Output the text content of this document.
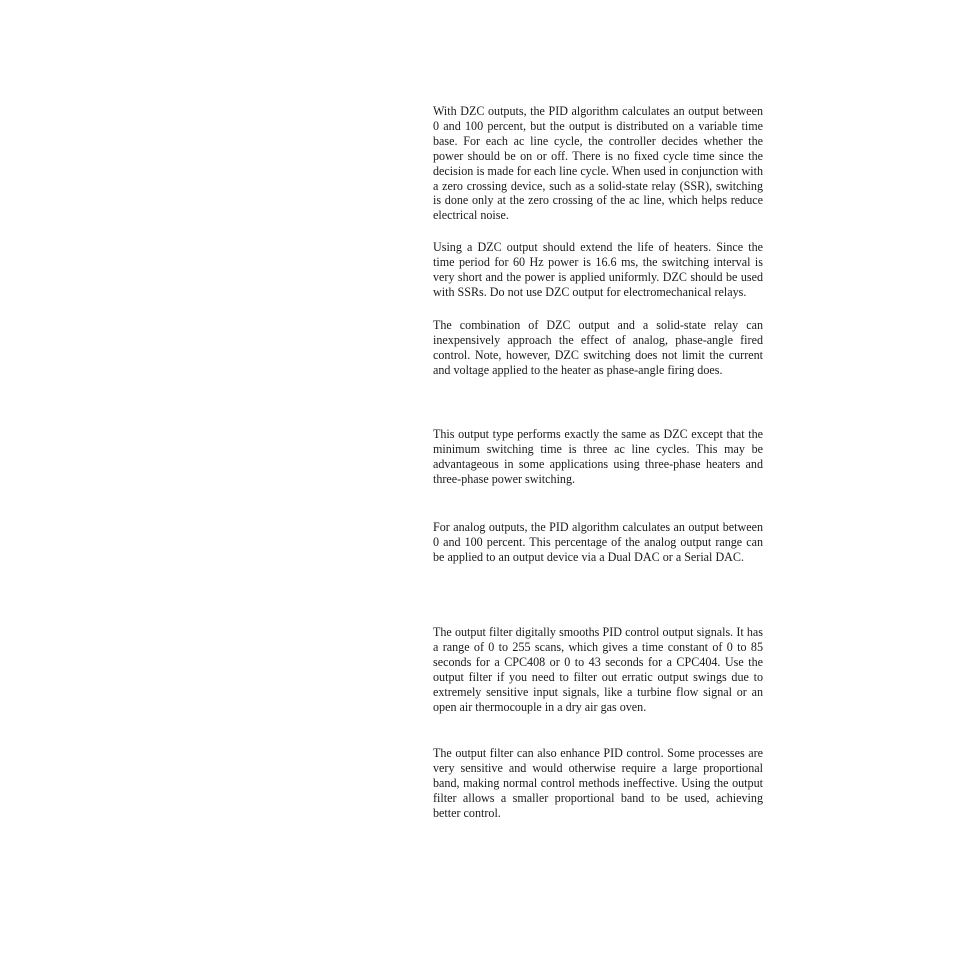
With DZC outputs, the PID algorithm calculates an output between 0 and 100 percent, but the output is distributed on a variable time base. For each ac line cycle, the controller decides whether the power should be on or off. There is no fixed cycle time since the decision is made for each line cycle. When used in conjunction with a zero crossing device, such as a solid-state relay (SSR), switching is done only at the zero crossing of the ac line, which helps reduce electrical noise.

Using a DZC output should extend the life of heaters. Since the time period for 60 Hz power is 16.6 ms, the switching interval is very short and the power is applied uniformly. DZC should be used with SSRs. Do not use DZC output for electromechanical relays.

The combination of DZC output and a solid-state relay can inexpensively approach the effect of analog, phase-angle fired control. Note, however, DZC switching does not limit the current and voltage applied to the heater as phase-angle firing does.

This output type performs exactly the same as DZC except that the minimum switching time is three ac line cycles. This may be advantageous in some applications using three-phase heaters and three-phase power switching.

For analog outputs, the PID algorithm calculates an output between 0 and 100 percent. This percentage of the analog output range can be applied to an output device via a Dual DAC or a Serial DAC.

The output filter digitally smooths PID control output signals. It has a range of 0 to 255 scans, which gives a time constant of 0 to 85 seconds for a CPC408 or 0 to 43 seconds for a CPC404. Use the output filter if you need to filter out erratic output swings due to extremely sensitive input signals, like a turbine flow signal or an open air thermocouple in a dry air gas oven.

The output filter can also enhance PID control. Some processes are very sensitive and would otherwise require a large proportional band, making normal control methods ineffective. Using the output filter allows a smaller proportional band to be used, achieving better control.
